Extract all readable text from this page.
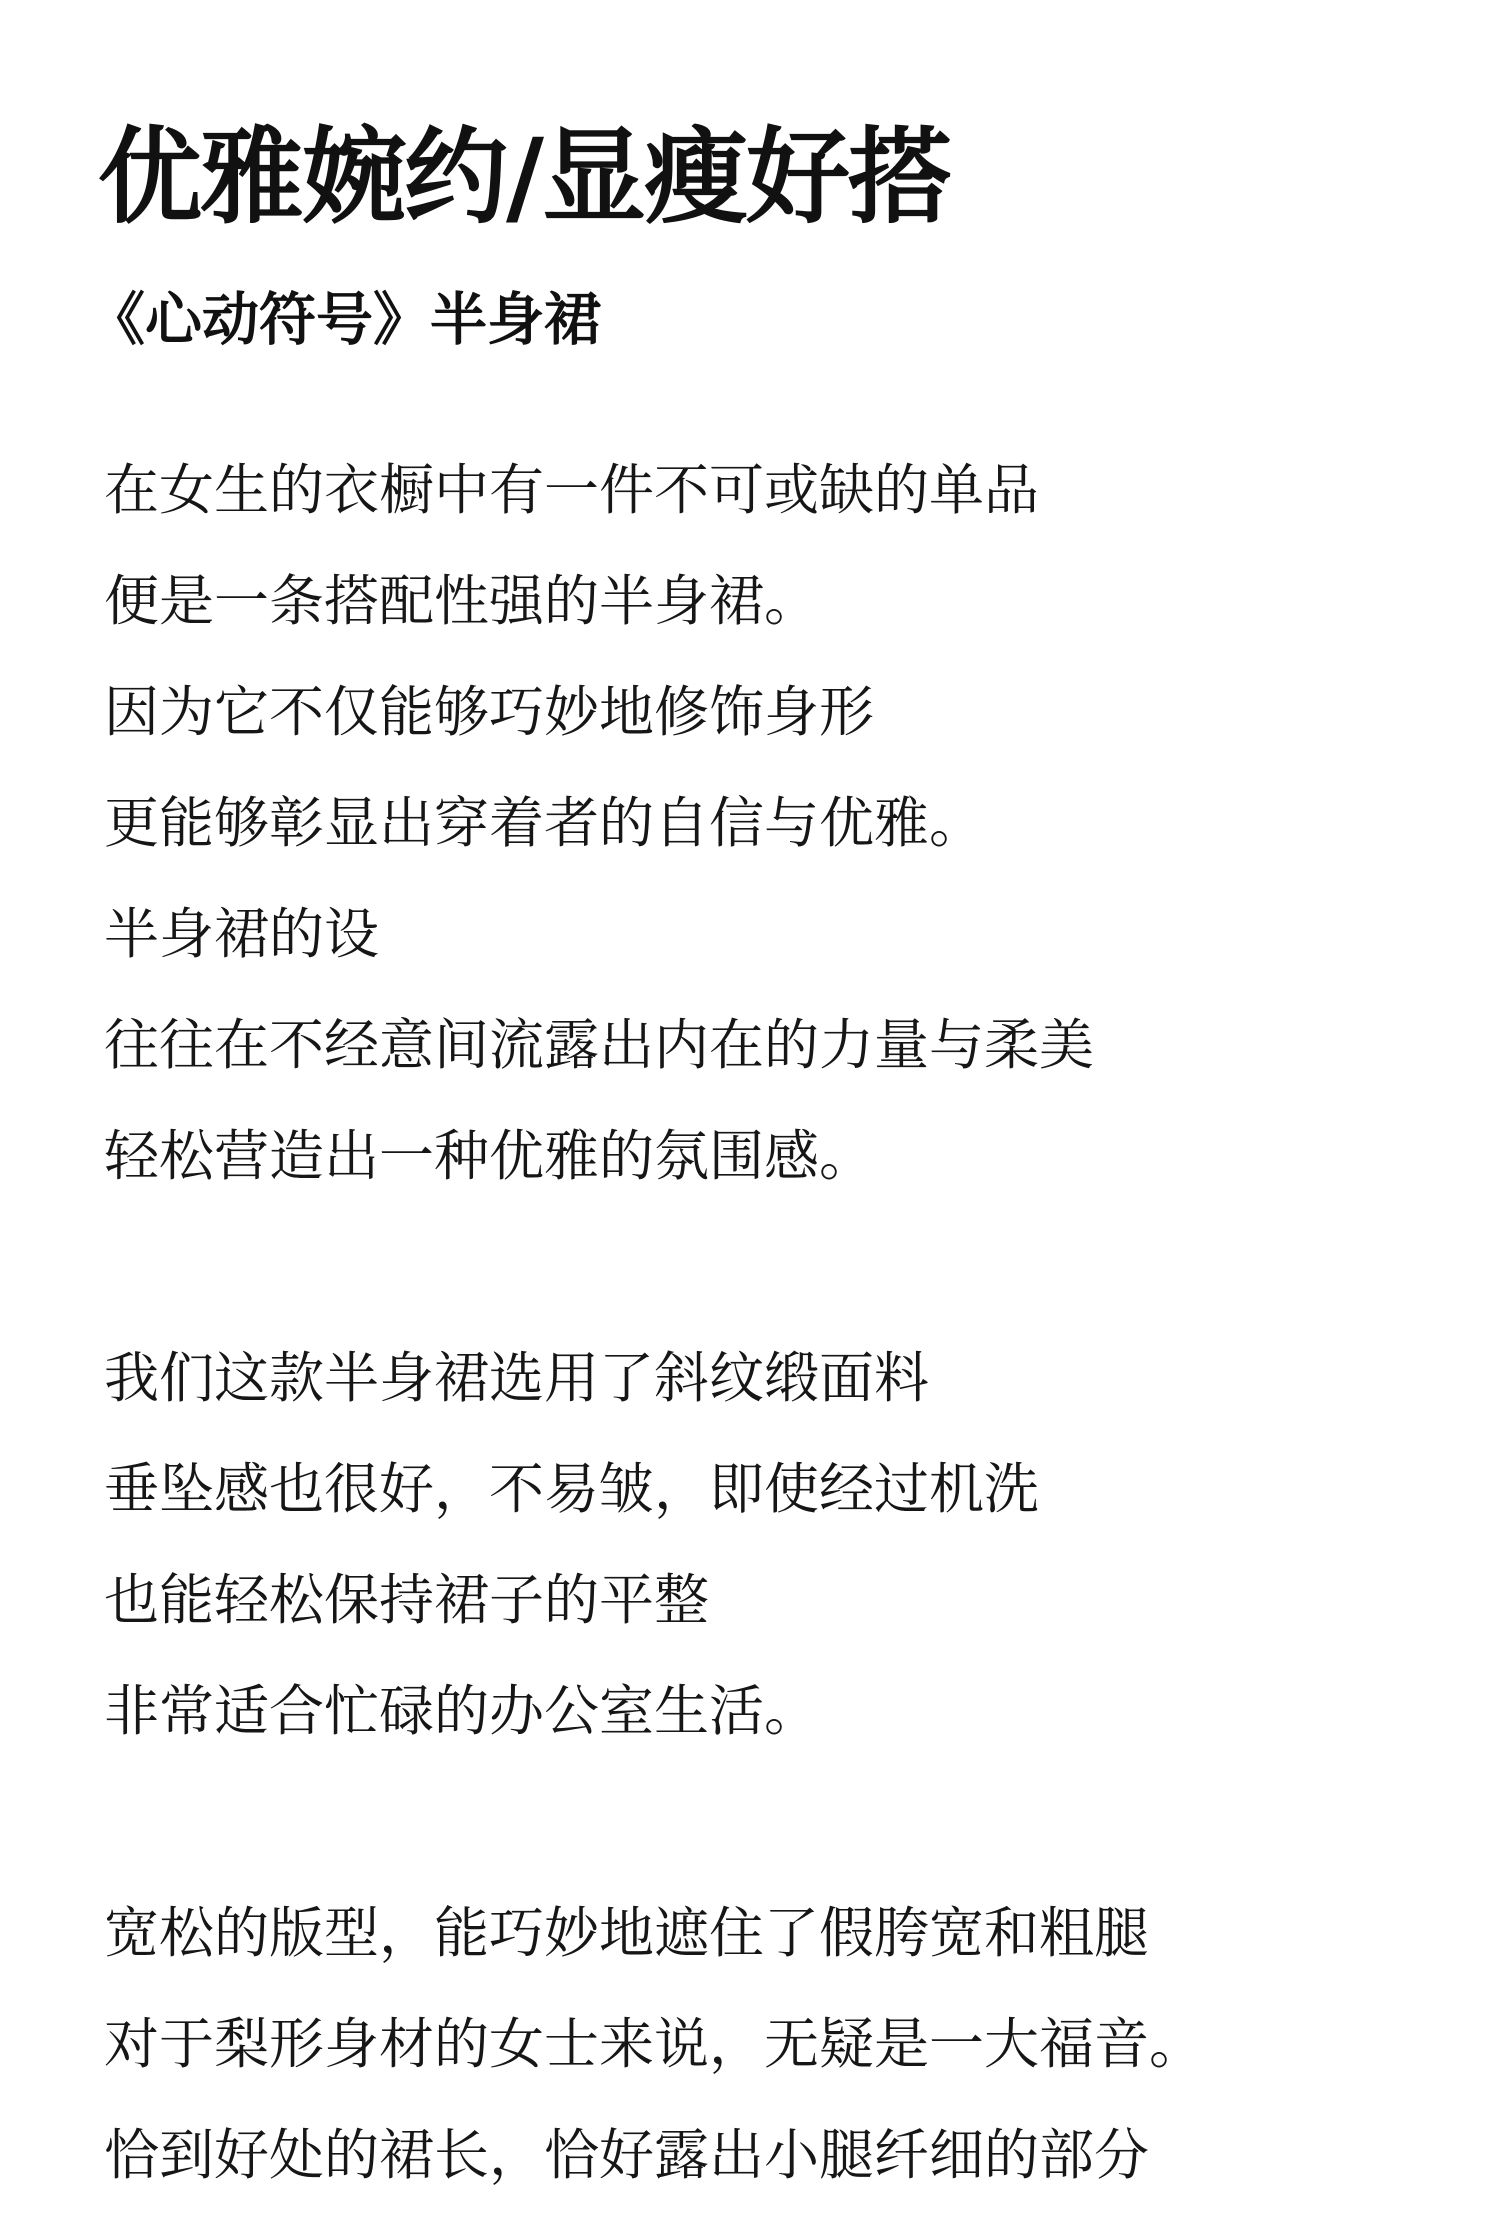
优雅婉约/显瘦好搭
《心动符号》半身裙
在女生的衣橱中有一件不可或缺的单品
便是一条搭配性强的半身裙。
因为它不仅能够巧妙地修饰身形
更能够彰显出穿着者的自信与优雅。
半身裙的设
往往在不经意间流露出内在的力量与柔美
轻松营造出一种优雅的氛围感。
我们这款半身裙选用了斜纹缎面料
垂坠感也很好，不易皱，即使经过机洗
也能轻松保持裙子的平整
非常适合忙碌的办公室生活。
宽松的版型，能巧妙地遮住了假胯宽和粗腿
对于梨形身材的女士来说，无疑是一大福音。
恰到好处的裙长，恰好露出小腿纤细的部分
